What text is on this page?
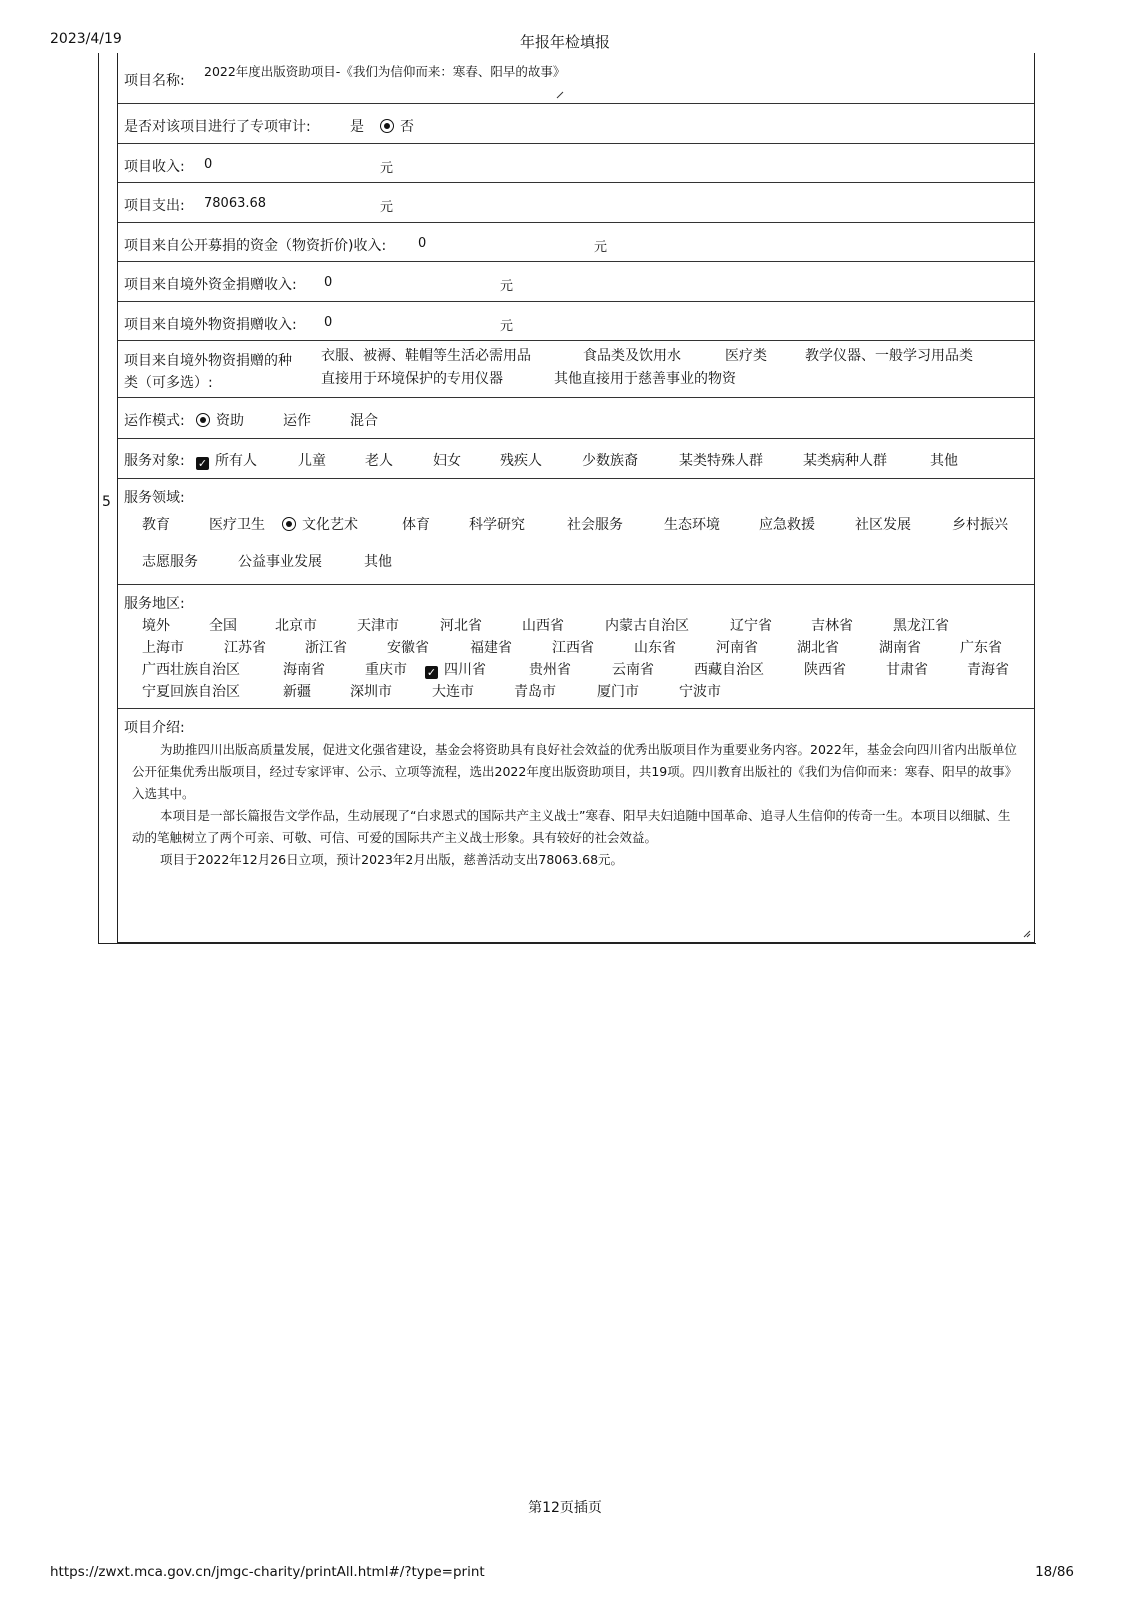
2023/4/19	年报年检填报
5
项目名称:
2022年度出版资助项目-《我们为信仰而来：寒春、阳早的故事》
是否对该项目进行了专项审计:	是	否
项目收入: 0	元
项目支出: 78063.68	元
项目来自公开募捐的资金（物资折价)收入: 0	元
项目来自境外资金捐赠收入: 0	元
项目来自境外物资捐赠收入: 0	元
项目来自境外物资捐赠的种
类（可多选）:
衣服、被褥、鞋帽等生活必需用品	食品类及饮用水	医疗类	教学仪器、一般学习用品类
直接用于环境保护的专用仪器	其他直接用于慈善事业的物资
运作模式:	资助	运作	混合
服务对象: ✓ 所有人	儿童	老人	妇女	残疾人	少数族裔	某类特殊人群	某类病种人群	其他
服务领域:
教育	医疗卫生	文化艺术	体育	科学研究	社会服务	生态环境	应急救援	社区发展	乡村振兴
志愿服务	公益事业发展	其他
服务地区:
境外	全国	北京市	天津市	河北省	山西省	内蒙古自治区	辽宁省	吉林省	黑龙江省
上海市	江苏省	浙江省	安徽省	福建省	江西省	山东省	河南省	湖北省	湖南省	广东省
广西壮族自治区	海南省	重庆市 ✓ 四川省	贵州省	云南省	西藏自治区	陕西省	甘肃省	青海省
宁夏回族自治区	新疆	深圳市	大连市	青岛市	厦门市	宁波市
项目介绍:

为助推四川出版高质量发展，促进文化强省建设，基金会将资助具有良好社会效益的优秀出版项目作为重要业务内容。2022年，基金会向四川省内出版单位公开征集优秀出版项目，经过专家评审、公示、立项等流程，选出2022年度出版资助项目，共19项。四川教育出版社的《我们为信仰而来：寒春、阳早的故事》入选其中。

本项目是一部长篇报告文学作品，生动展现了“白求恩式的国际共产主义战士”寒春、阳早夫妇追随中国革命、追寻人生信仰的传奇一生。本项目以细腻、生动的笔触树立了两个可亲、可敬、可信、可爱的国际共产主义战士形象。具有较好的社会效益。

项目于2022年12月26日立项，预计2023年2月出版，慈善活动支出78063.68元。

第12页插页
https://zwxt.mca.gov.cn/jmgc-charity/printAll.html#/?type=print	18/86
